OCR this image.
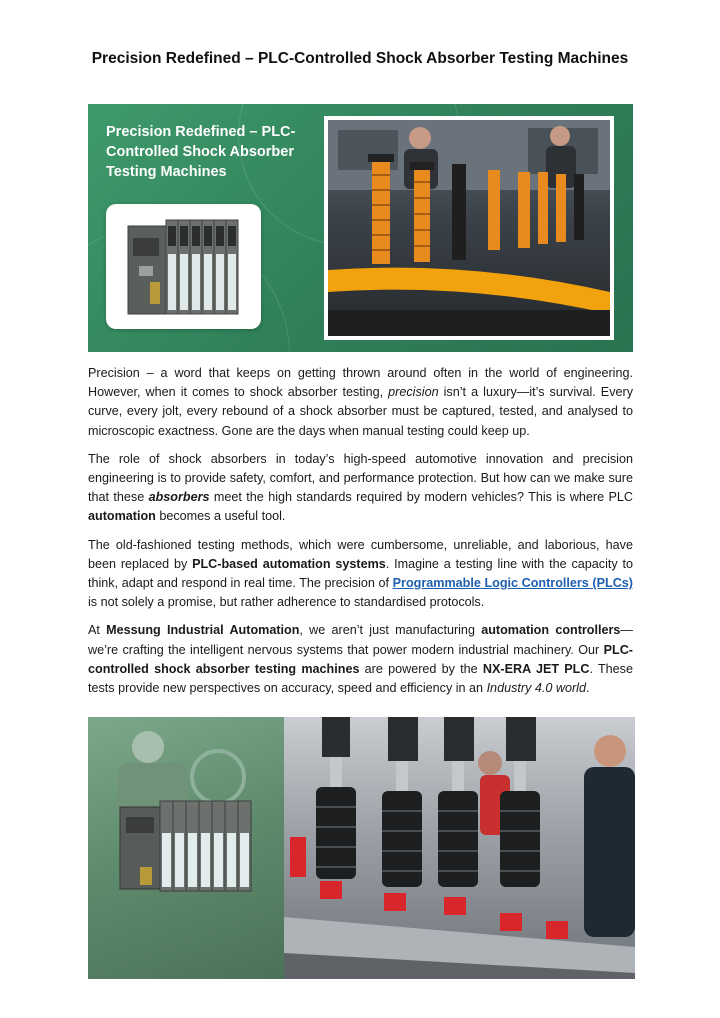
Precision Redefined – PLC-Controlled Shock Absorber Testing Machines
Precision Redefined – PLC-
Controlled Shock Absorber
Testing Machines

Precision – a word that keeps on getting thrown around often in the world of engineering. However, when it comes to shock absorber testing, precision isn’t a luxury—it’s survival. Every curve, every jolt, every rebound of a shock absorber must be captured, tested, and analysed to microscopic exactness. Gone are the days when manual testing could keep up.

The role of shock absorbers in today’s high-speed automotive innovation and precision engineering is to provide safety, comfort, and performance protection. But how can we make sure that these absorbers meet the high standards required by modern vehicles? This is where PLC automation becomes a useful tool.

The old-fashioned testing methods, which were cumbersome, unreliable, and laborious, have been replaced by PLC-based automation systems. Imagine a testing line with the capacity to think, adapt and respond in real time. The precision of Programmable Logic Controllers (PLCs) is not solely a promise, but rather adherence to standardised protocols.

At Messung Industrial Automation, we aren’t just manufacturing automation controllers—we’re crafting the intelligent nervous systems that power modern industrial machinery. Our PLC-controlled shock absorber testing machines are powered by the NX-ERA JET PLC. These tests provide new perspectives on accuracy, speed and efficiency in an Industry 4.0 world.
